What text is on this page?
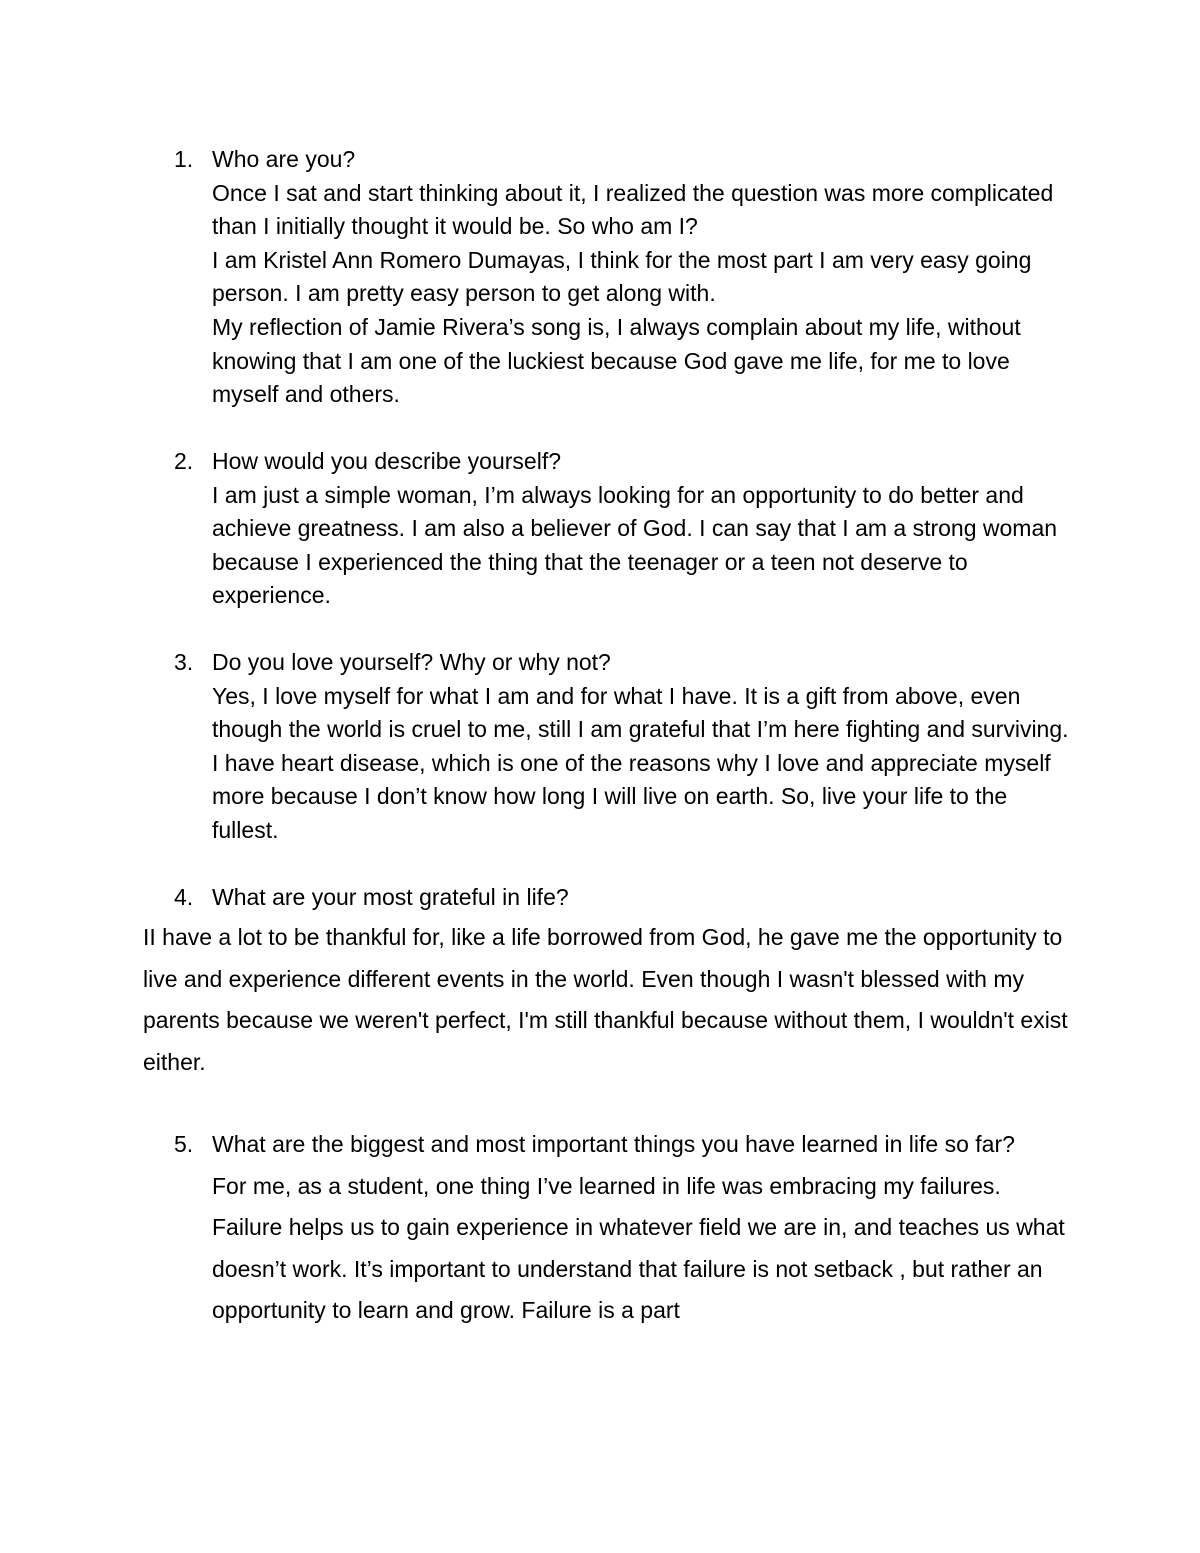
1. Who are you?

Once I sat and start thinking about it, I realized the question was more complicated than I initially thought it would be. So who am I?

I am Kristel Ann Romero Dumayas, I think for the most part I am very easy going person. I am pretty easy person to get along with.

My reflection of Jamie Rivera’s song is, I always complain about my life, without knowing that I am one of the luckiest because God gave me life, for me to love myself and others.

2. How would you describe yourself?

I am just a simple woman, I’m always looking for an opportunity to do better and achieve greatness. I am also a believer of God. I can say that I am a strong woman because I experienced the thing that the teenager or a teen not deserve to experience.

3. Do you love yourself? Why or why not?

Yes, I love myself for what I am and for what I have. It is a gift from above, even though the world is cruel to me, still I am grateful that I’m here fighting and surviving. I have heart disease, which is one of the reasons why I love and appreciate myself more because I don’t know how long I will live on earth. So, live your life to the fullest.

4. What are your most grateful in life?

II have a lot to be thankful for, like a life borrowed from God, he gave me the opportunity to live and experience different events in the world. Even though I wasn't blessed with my parents because we weren't perfect, I'm still thankful because without them, I wouldn't exist either.

5. What are the biggest and most important things you have learned in life so far?

For me, as a student, one thing I’ve learned in life was embracing my failures. Failure helps us to gain experience in whatever field we are in, and teaches us what doesn’t work. It’s important to understand that failure is not setback , but rather an opportunity to learn and grow. Failure is a part
